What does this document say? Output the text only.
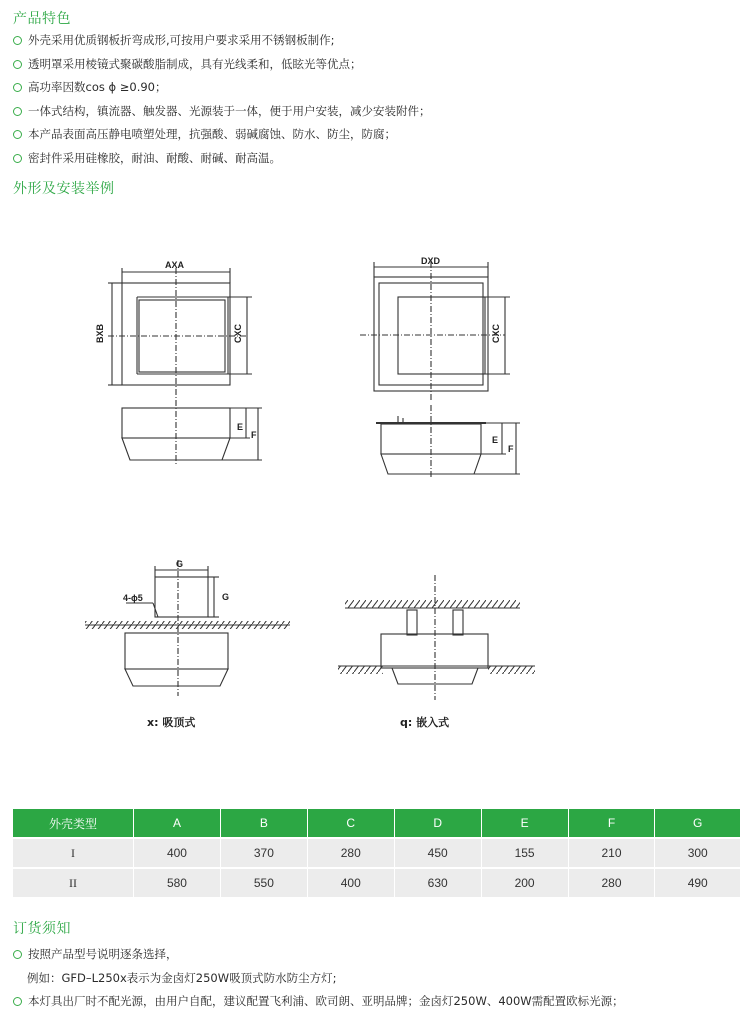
产品特色
外壳采用优质钢板折弯成形,可按用户要求采用不锈钢板制作;
透明罩采用棱镜式聚碳酸脂制成，具有光线柔和，低眩光等优点；
高功率因数cos ϕ ≥0.90；
一体式结构，镇流器、触发器、光源装于一体，便于用户安装，减少安装附件；
本产品表面高压静电喷塑处理，抗强酸、弱碱腐蚀、防水、防尘，防腐；
密封件采用硅橡胶，耐油、耐酸、耐碱、耐高温。
外形及安装举例
AXA
BXB	CXC
DXD
CXC
E
F	E
F
G
G
4-ϕ5
x: 吸顶式	q: 嵌入式
外壳类型	A	B	C	D	E	F	G
I	400	370	280	450	155	210	300
II	580	550	400	630	200	280	490
订货须知
按照产品型号说明逐条选择，
例如：GFD–L250x表示为金卤灯250W吸顶式防水防尘方灯;
本灯具出厂时不配光源，由用户自配，建议配置飞利浦、欧司朗、亚明品牌；金卤灯250W、400W需配置欧标光源；
